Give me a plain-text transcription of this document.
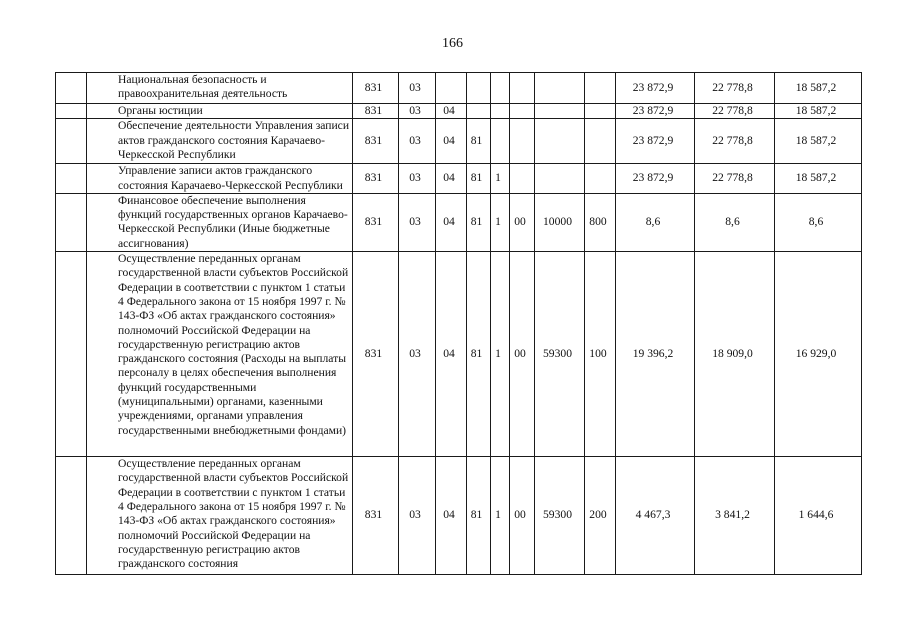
166
	Национальная безопасность и правоохранительная деятельность	831	03							23 872,9	22 778,8	18 587,2
	Органы юстиции	831	03	04						23 872,9	22 778,8	18 587,2
	Обеспечение деятельности Управления записи актов гражданского состояния Карачаево-Черкесской Республики	831	03	04	81					23 872,9	22 778,8	18 587,2
	Управление записи актов гражданского состояния Карачаево-Черкесской Республики	831	03	04	81	1				23 872,9	22 778,8	18 587,2
	Финансовое обеспечение выполнения функций государственных органов Карачаево-Черкесской Республики (Иные бюджетные ассигнования)	831	03	04	81	1	00	10000	800	8,6	8,6	8,6
	Осуществление переданных органам государственной власти субъектов Российской Федерации в соответствии с пунктом 1 статьи 4 Федерального закона от 15 ноября 1997 г. № 143-ФЗ «Об актах гражданского состояния» полномочий Российской Федерации на государственную регистрацию актов гражданского состояния (Расходы на выплаты персоналу в целях обеспечения выполнения функций государственными (муниципальными) органами, казенными учреждениями, органами управления государственными внебюджетными фондами)	831	03	04	81	1	00	59300	100	19 396,2	18 909,0	16 929,0
	Осуществление переданных органам государственной власти субъектов Российской Федерации в соответствии с пунктом 1 статьи 4 Федерального закона от 15 ноября 1997 г. № 143-ФЗ «Об актах гражданского состояния» полномочий Российской Федерации на государственную регистрацию актов гражданского состояния	831	03	04	81	1	00	59300	200	4 467,3	3 841,2	1 644,6
